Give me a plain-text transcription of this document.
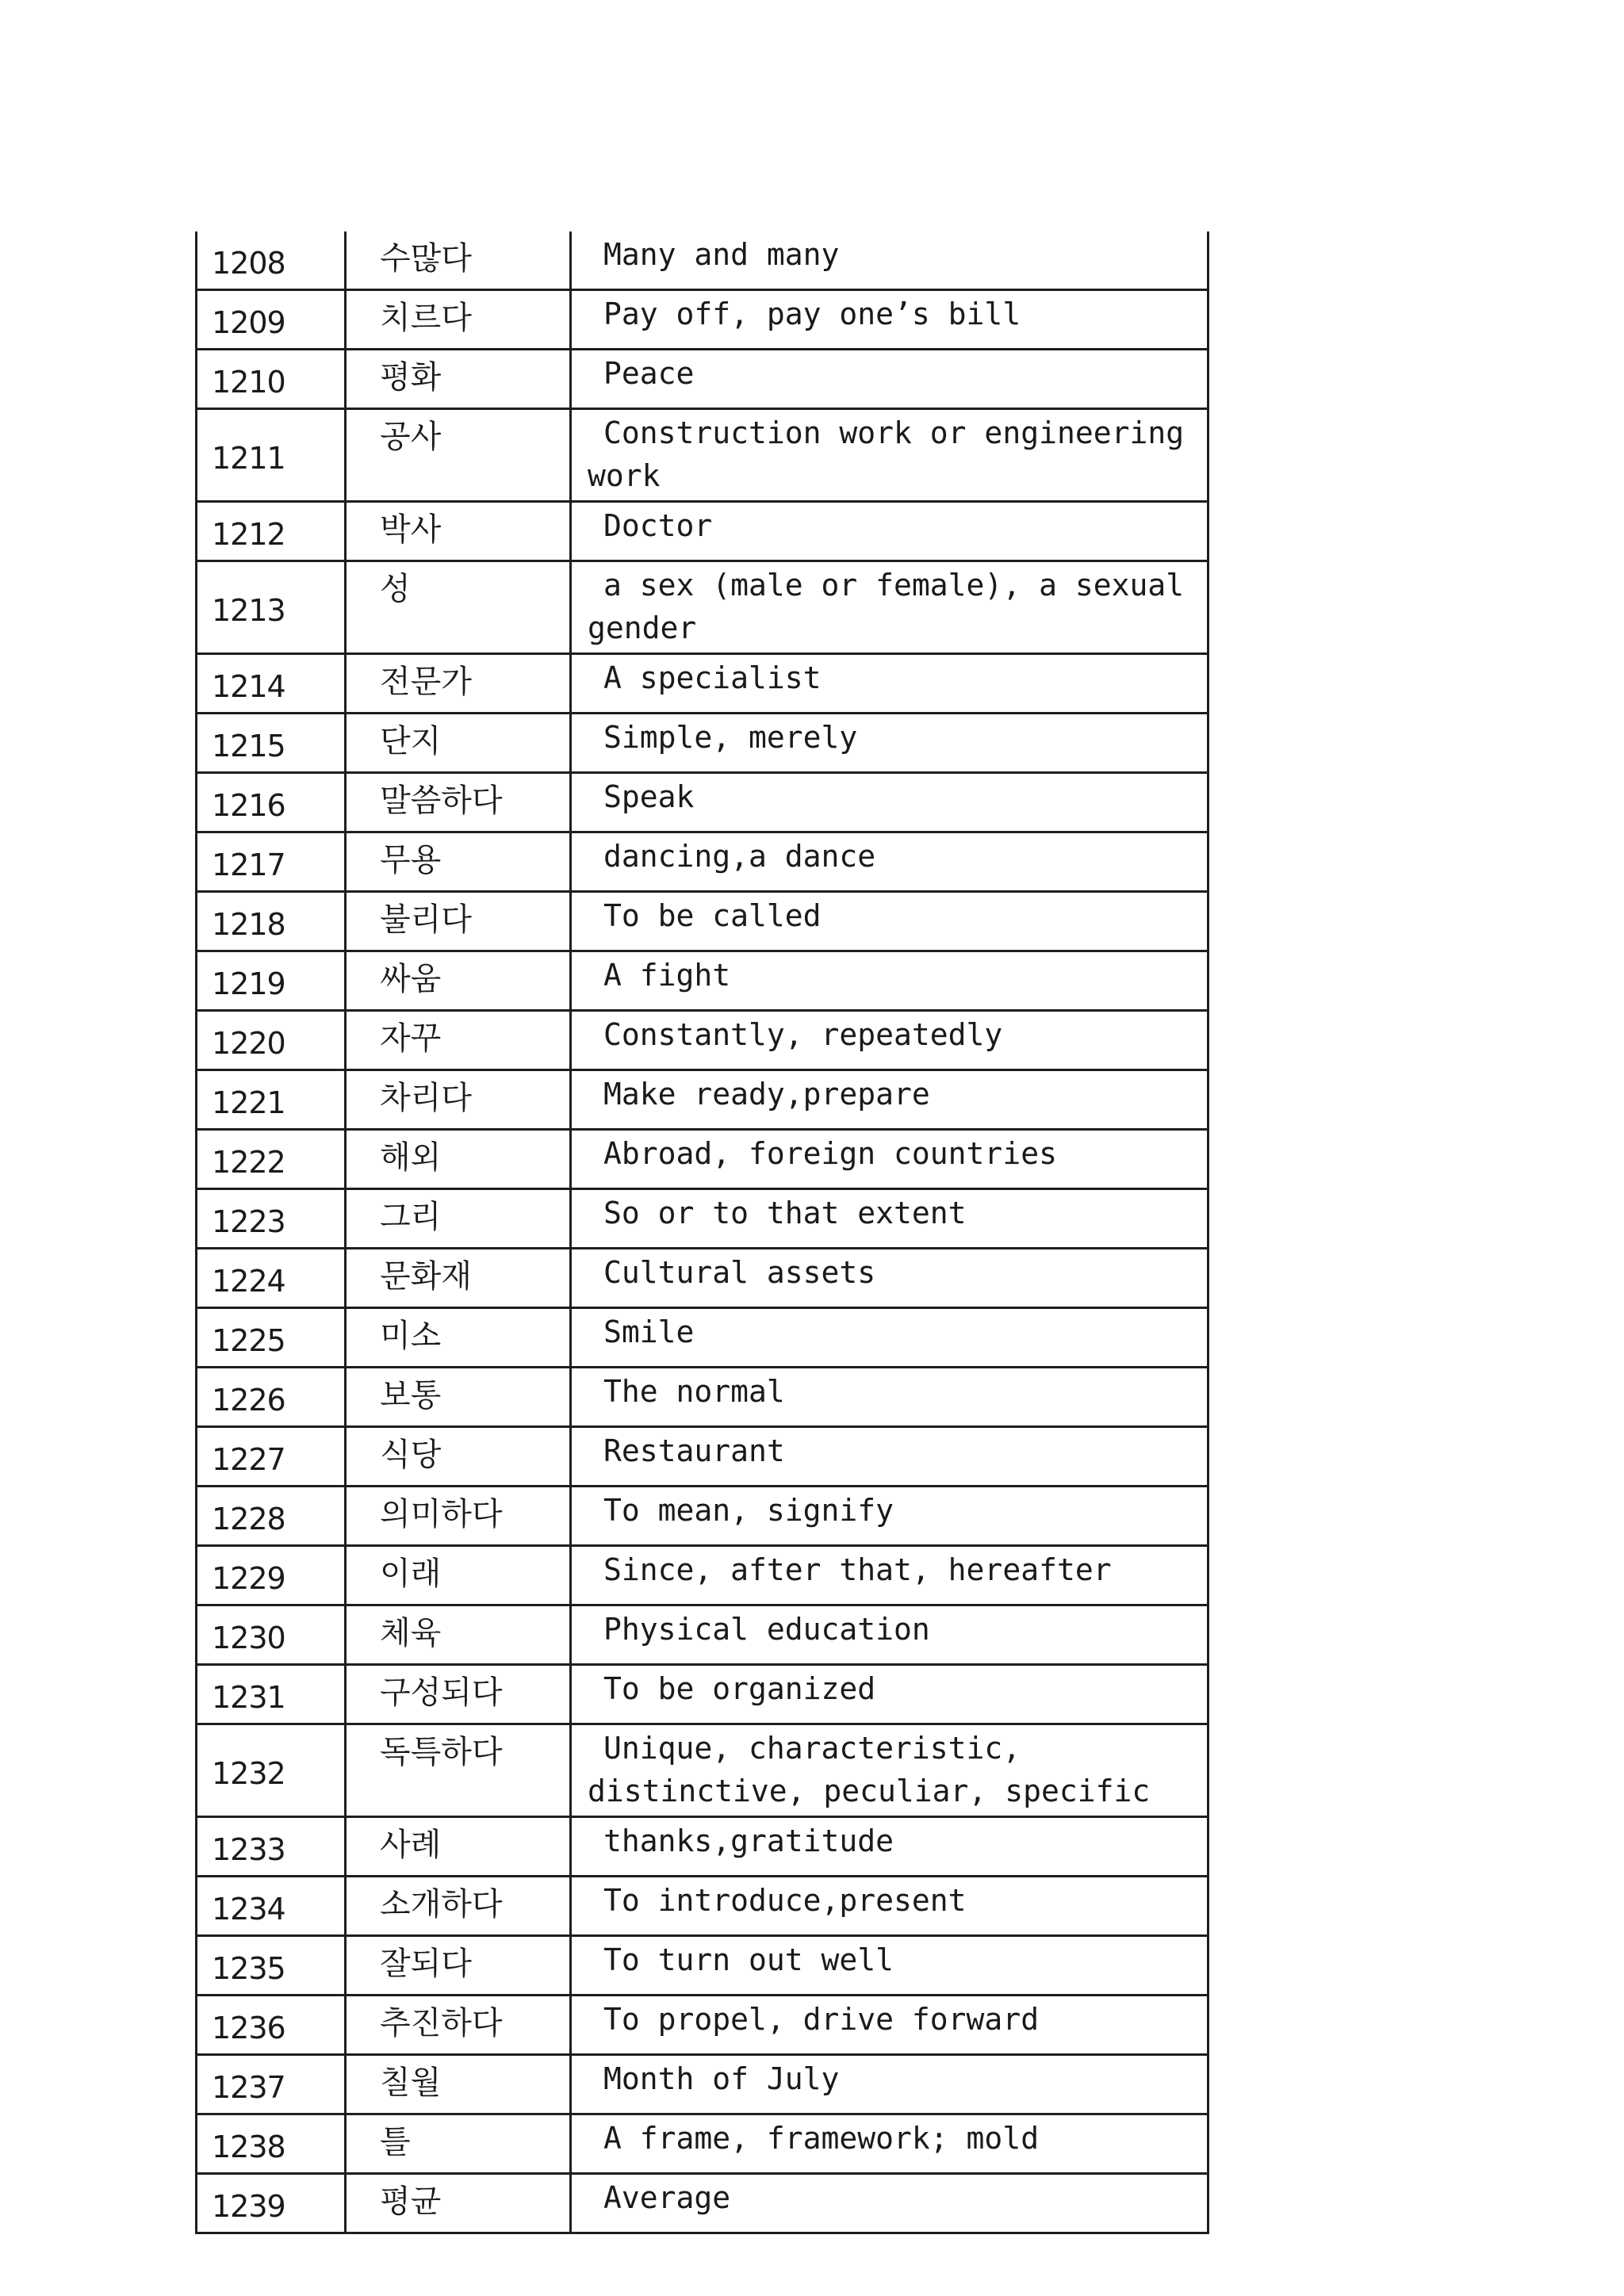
1208	수많다	Many and many
1209	치르다	Pay off, pay one’s bill
1210	평화	Peace
1211	공사	Construction work or engineering work
1212	박사	Doctor
1213	성	a sex (male or female), a sexual gender
1214	전문가	A specialist
1215	단지	Simple, merely
1216	말씀하다	Speak
1217	무용	dancing,a dance
1218	불리다	To be called
1219	싸움	A fight
1220	자꾸	Constantly, repeatedly
1221	차리다	Make ready,prepare
1222	해외	Abroad, foreign countries
1223	그리	So or to that extent
1224	문화재	Cultural assets
1225	미소	Smile
1226	보통	The normal
1227	식당	Restaurant
1228	의미하다	To mean, signify
1229	이래	Since, after that, hereafter
1230	체육	Physical education
1231	구성되다	To be organized
1232	독특하다	Unique, characteristic, distinctive, peculiar, specific
1233	사례	thanks,gratitude
1234	소개하다	To introduce,present
1235	잘되다	To turn out well
1236	추진하다	To propel, drive forward
1237	칠월	Month of July
1238	틀	A frame, framework; mold
1239	평균	Average
